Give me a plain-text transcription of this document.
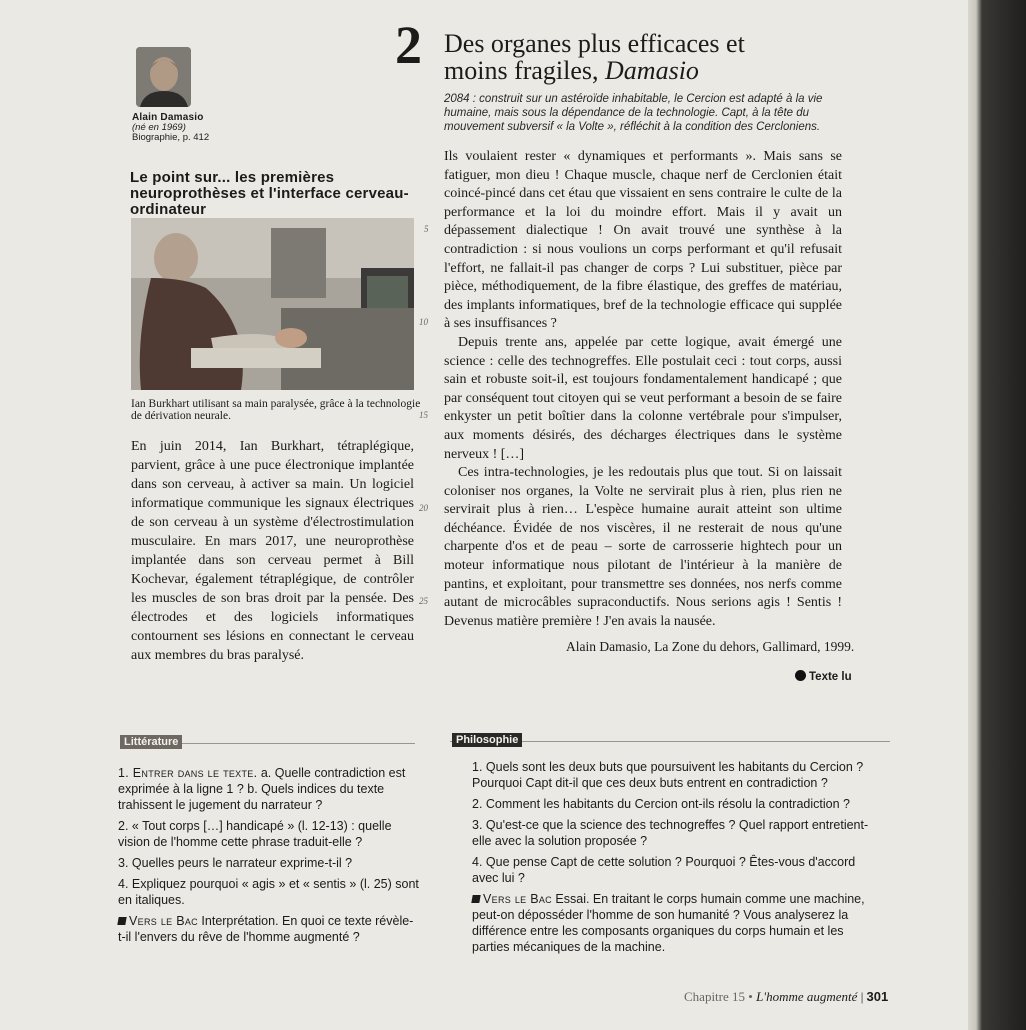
2 Des organes plus efficaces et
moins fragiles, Damasio
2084 : construit sur un astéroïde inhabitable, le Cercion est adapté à la vie humaine, mais sous la dépendance de la technologie. Capt, à la tête du mouvement subversif « la Volte », réfléchit à la condition des Cercloniens.
Alain Damasio
(né en 1969)
Biographie, p. 412
Le point sur... les premières neuroprothèses et l'interface cerveau-ordinateur
Ian Burkhart utilisant sa main paralysée, grâce à la technologie de dérivation neurale.

En juin 2014, Ian Burkhart, tétraplégique, parvient, grâce à une puce électronique implantée dans son cerveau, à activer sa main. Un logiciel informatique communique les signaux électriques de son cerveau à un système d'électrostimulation musculaire. En mars 2017, une neuroprothèse implantée dans son cerveau permet à Bill Kochevar, également tétraplégique, de contrôler les muscles de son bras droit par la pensée. Des électrodes et des logiciels informatiques contournent ses lésions en connectant le cerveau aux membres du bras paralysé.

Ils voulaient rester « dynamiques et performants ». Mais sans se fatiguer, mon dieu ! Chaque muscle, chaque nerf de Cerclonien était coincé-pincé dans cet étau que vissaient en sens contraire le culte de la performance et la loi du moindre effort. Mais il y avait un dépassement dialectique ! On avait trouvé une synthèse à la contradiction : si nous voulions un corps performant et qu'il refusait l'effort, ne fallait-il pas changer de corps ? Lui substituer, pièce par pièce, méthodiquement, de la fibre élastique, des greffes de matériau, des implants informatiques, bref de la technologie efficace qui supplée à ses insuffisances ?

Depuis trente ans, appelée par cette logique, avait émergé une science : celle des technogreffes. Elle postulait ceci : tout corps, aussi sain et robuste soit-il, est toujours fondamentalement handicapé ; que par conséquent tout citoyen qui se veut performant a besoin de se faire enkyster un petit boîtier dans la colonne vertébrale pour s'impulser, aux moments désirés, des décharges électriques dans le système nerveux ! […]

Ces intra-technologies, je les redoutais plus que tout. Si on laissait coloniser nos organes, la Volte ne servirait plus à rien, plus rien ne servirait plus à rien… L'espèce humaine aurait atteint son ultime déchéance. Évidée de nos viscères, il ne resterait de nous qu'une charpente d'os et de peau – sorte de carrosserie hightech pour un moteur informatique nous pilotant de l'intérieur à la manière de pantins, et exploitant, pour transmettre ses données, nos nerfs comme autant de microcâbles supraconductifs. Nous serions agis ! Sentis ! Devenus matière première ! J'en avais la nausée.

5
10
15
20
25
Alain Damasio, La Zone du dehors, Gallimard, 1999.
Texte lu
Littérature

1. Entrer dans le texte. a. Quelle contradiction est exprimée à la ligne 1 ? b. Quels indices du texte trahissent le jugement du narrateur ?

2. « Tout corps […] handicapé » (l. 12-13) : quelle vision de l'homme cette phrase traduit-elle ?

3. Quelles peurs le narrateur exprime-t-il ?

4. Expliquez pourquoi « agis » et « sentis » (l. 25) sont en italiques.

Vers le Bac Interprétation. En quoi ce texte révèle-t-il l'envers du rêve de l'homme augmenté ?

Philosophie

1. Quels sont les deux buts que poursuivent les habitants du Cercion ? Pourquoi Capt dit-il que ces deux buts entrent en contradiction ?

2. Comment les habitants du Cercion ont-ils résolu la contradiction ?

3. Qu'est-ce que la science des technogreffes ? Quel rapport entretient-elle avec la solution proposée ?

4. Que pense Capt de cette solution ? Pourquoi ? Êtes-vous d'accord avec lui ?

Vers le Bac Essai. En traitant le corps humain comme une machine, peut-on déposséder l'homme de son humanité ? Vous analyserez la différence entre les composants organiques du corps humain et les parties mécaniques de la machine.

Chapitre 15 • L'homme augmenté | 301
